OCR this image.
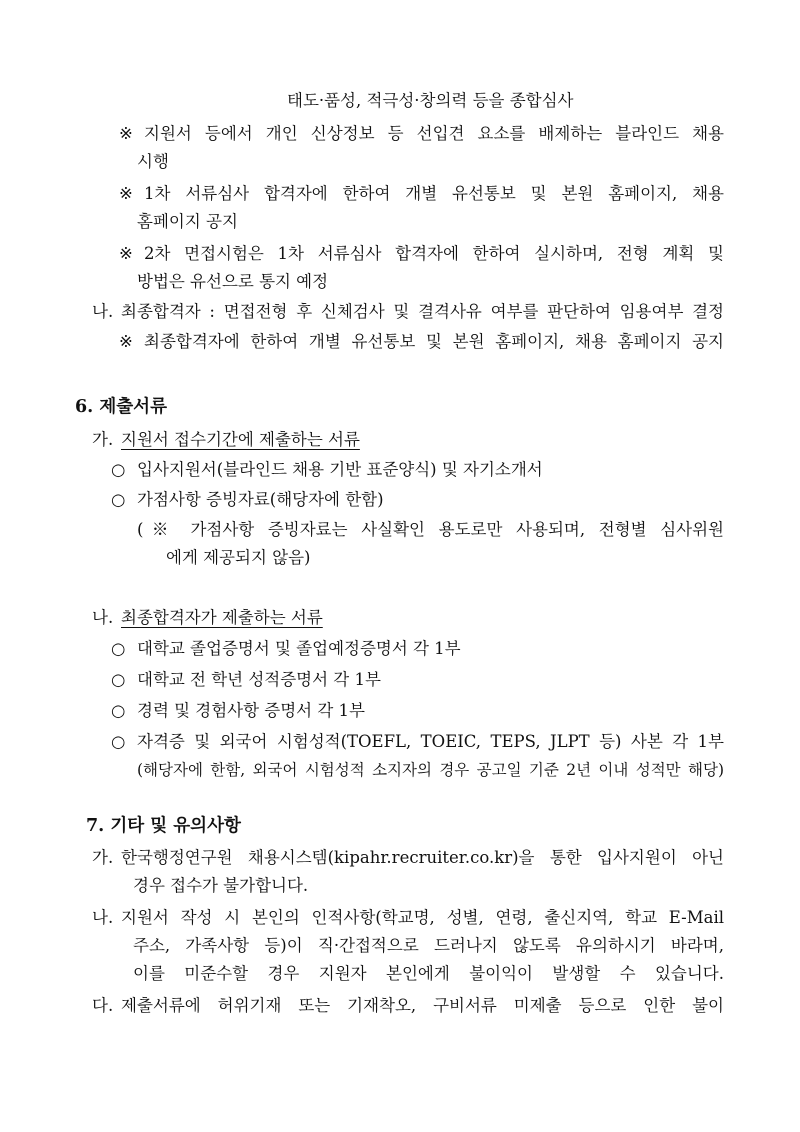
태도·품성, 적극성·창의력 등을 종합심사
※ 지원서 등에서 개인 신상정보 등 선입견 요소를 배제하는 블라인드 채용
시행
※ 1차 서류심사 합격자에 한하여 개별 유선통보 및 본원 홈페이지, 채용
홈페이지 공지
※ 2차 면접시험은 1차 서류심사 합격자에 한하여 실시하며, 전형 계획 및
방법은 유선으로 통지 예정
나. 최종합격자 : 면접전형 후 신체검사 및 결격사유 여부를 판단하여 임용여부 결정
※ 최종합격자에 한하여 개별 유선통보 및 본원 홈페이지, 채용 홈페이지 공지
6. 제출서류
가. 지원서 접수기간에 제출하는 서류
○ 입사지원서(블라인드 채용 기반 표준양식) 및 자기소개서
○ 가점사항 증빙자료(해당자에 한함)
(※ 가점사항 증빙자료는 사실확인 용도로만 사용되며, 전형별 심사위원
에게 제공되지 않음)
나. 최종합격자가 제출하는 서류
○ 대학교 졸업증명서 및 졸업예정증명서 각 1부
○ 대학교 전 학년 성적증명서 각 1부
○ 경력 및 경험사항 증명서 각 1부
○ 자격증 및 외국어 시험성적(TOEFL, TOEIC, TEPS, JLPT 등) 사본 각 1부
(해당자에 한함, 외국어 시험성적 소지자의 경우 공고일 기준 2년 이내 성적만 해당)
7. 기타 및 유의사항
가. 한국행정연구원 채용시스템(kipahr.recruiter.co.kr)을 통한 입사지원이 아닌
경우 접수가 불가합니다.
나. 지원서 작성 시 본인의 인적사항(학교명, 성별, 연령, 출신지역, 학교 E-Mail
주소, 가족사항 등)이 직·간접적으로 드러나지 않도록 유의하시기 바라며,
이를 미준수할 경우 지원자 본인에게 불이익이 발생할 수 있습니다.
다. 제출서류에 허위기재 또는 기재착오, 구비서류 미제출 등으로 인한 불이
